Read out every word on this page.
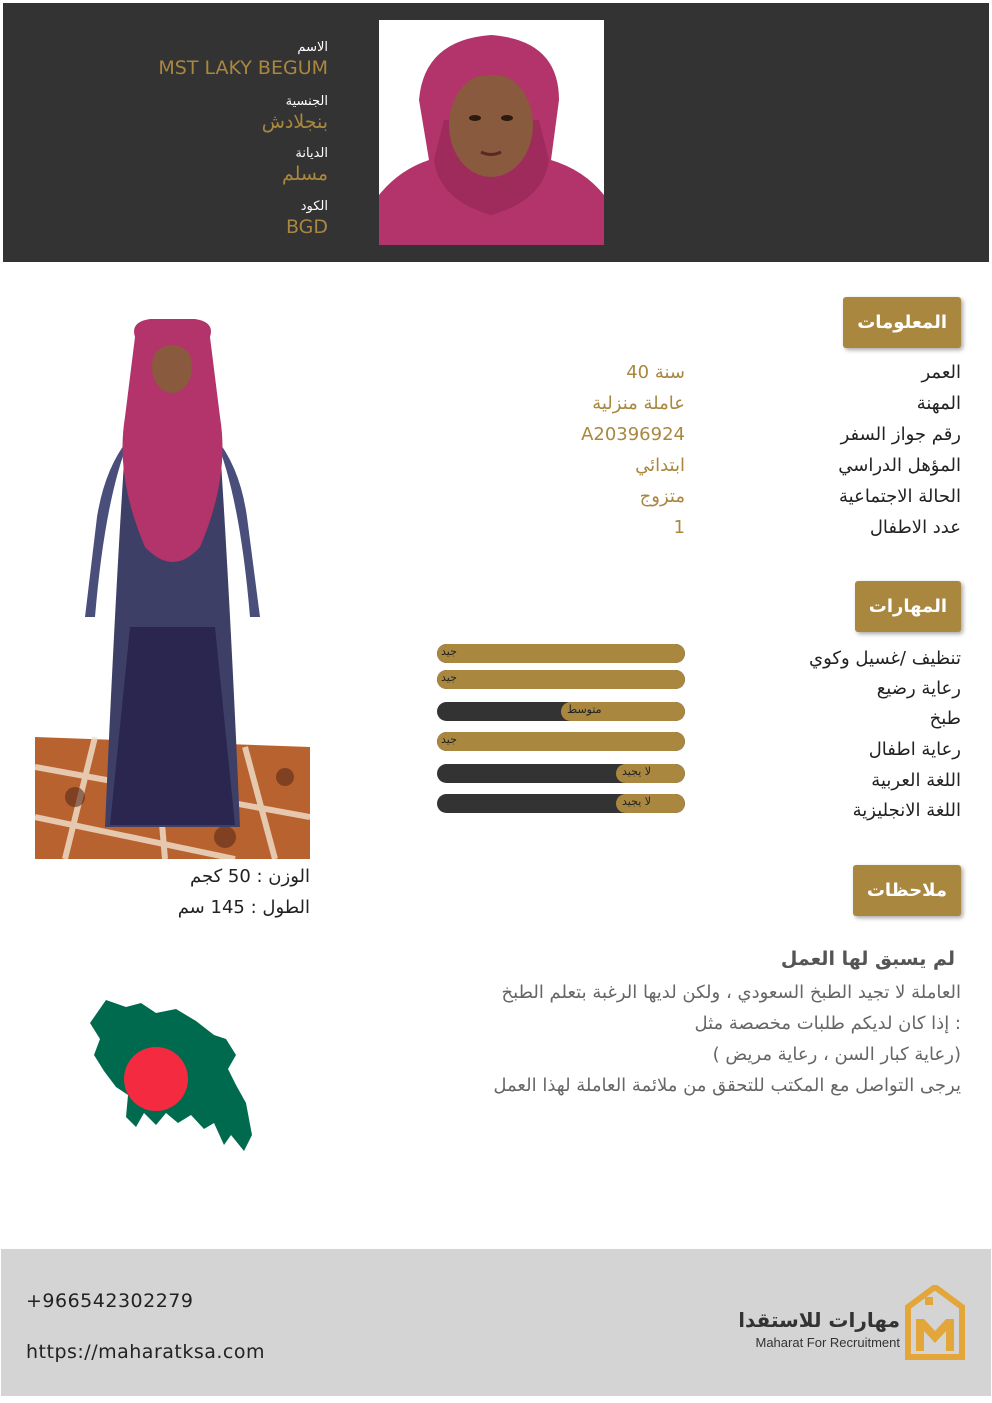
الاسم
MST LAKY BEGUM
الجنسية
بنجلادش
الديانة
مسلم
الكود
BGD
المعلومات
العمر
40 سنة
المهنة
عاملة منزلية
رقم جواز السفر
A20396924
المؤهل الدراسي
ابتدائي
الحالة الاجتماعية
متزوج
عدد الاطفال
1
المهارات
تنظيف /غسيل وكوي
جيد
رعاية رضيع
جيد
طبخ
متوسط
رعاية اطفال
جيد
اللغة العربية
لا يجيد
اللغة الانجليزية
لا يجيد
الوزن : 50 كجم
الطول : 145 سم
ملاحظات
لم يسبق لها العمل
العاملة لا تجيد الطبخ السعودي ، ولكن لديها الرغبة بتعلم الطبخ
إذا كان لديكم طلبات مخصصة مثل :
( رعاية كبار السن ، رعاية مريض)
يرجى التواصل مع المكتب للتحقق من ملائمة العاملة لهذا العمل
+966542302279
https://maharatksa.com
مهارات للاستقدام
Maharat For Recruitment
